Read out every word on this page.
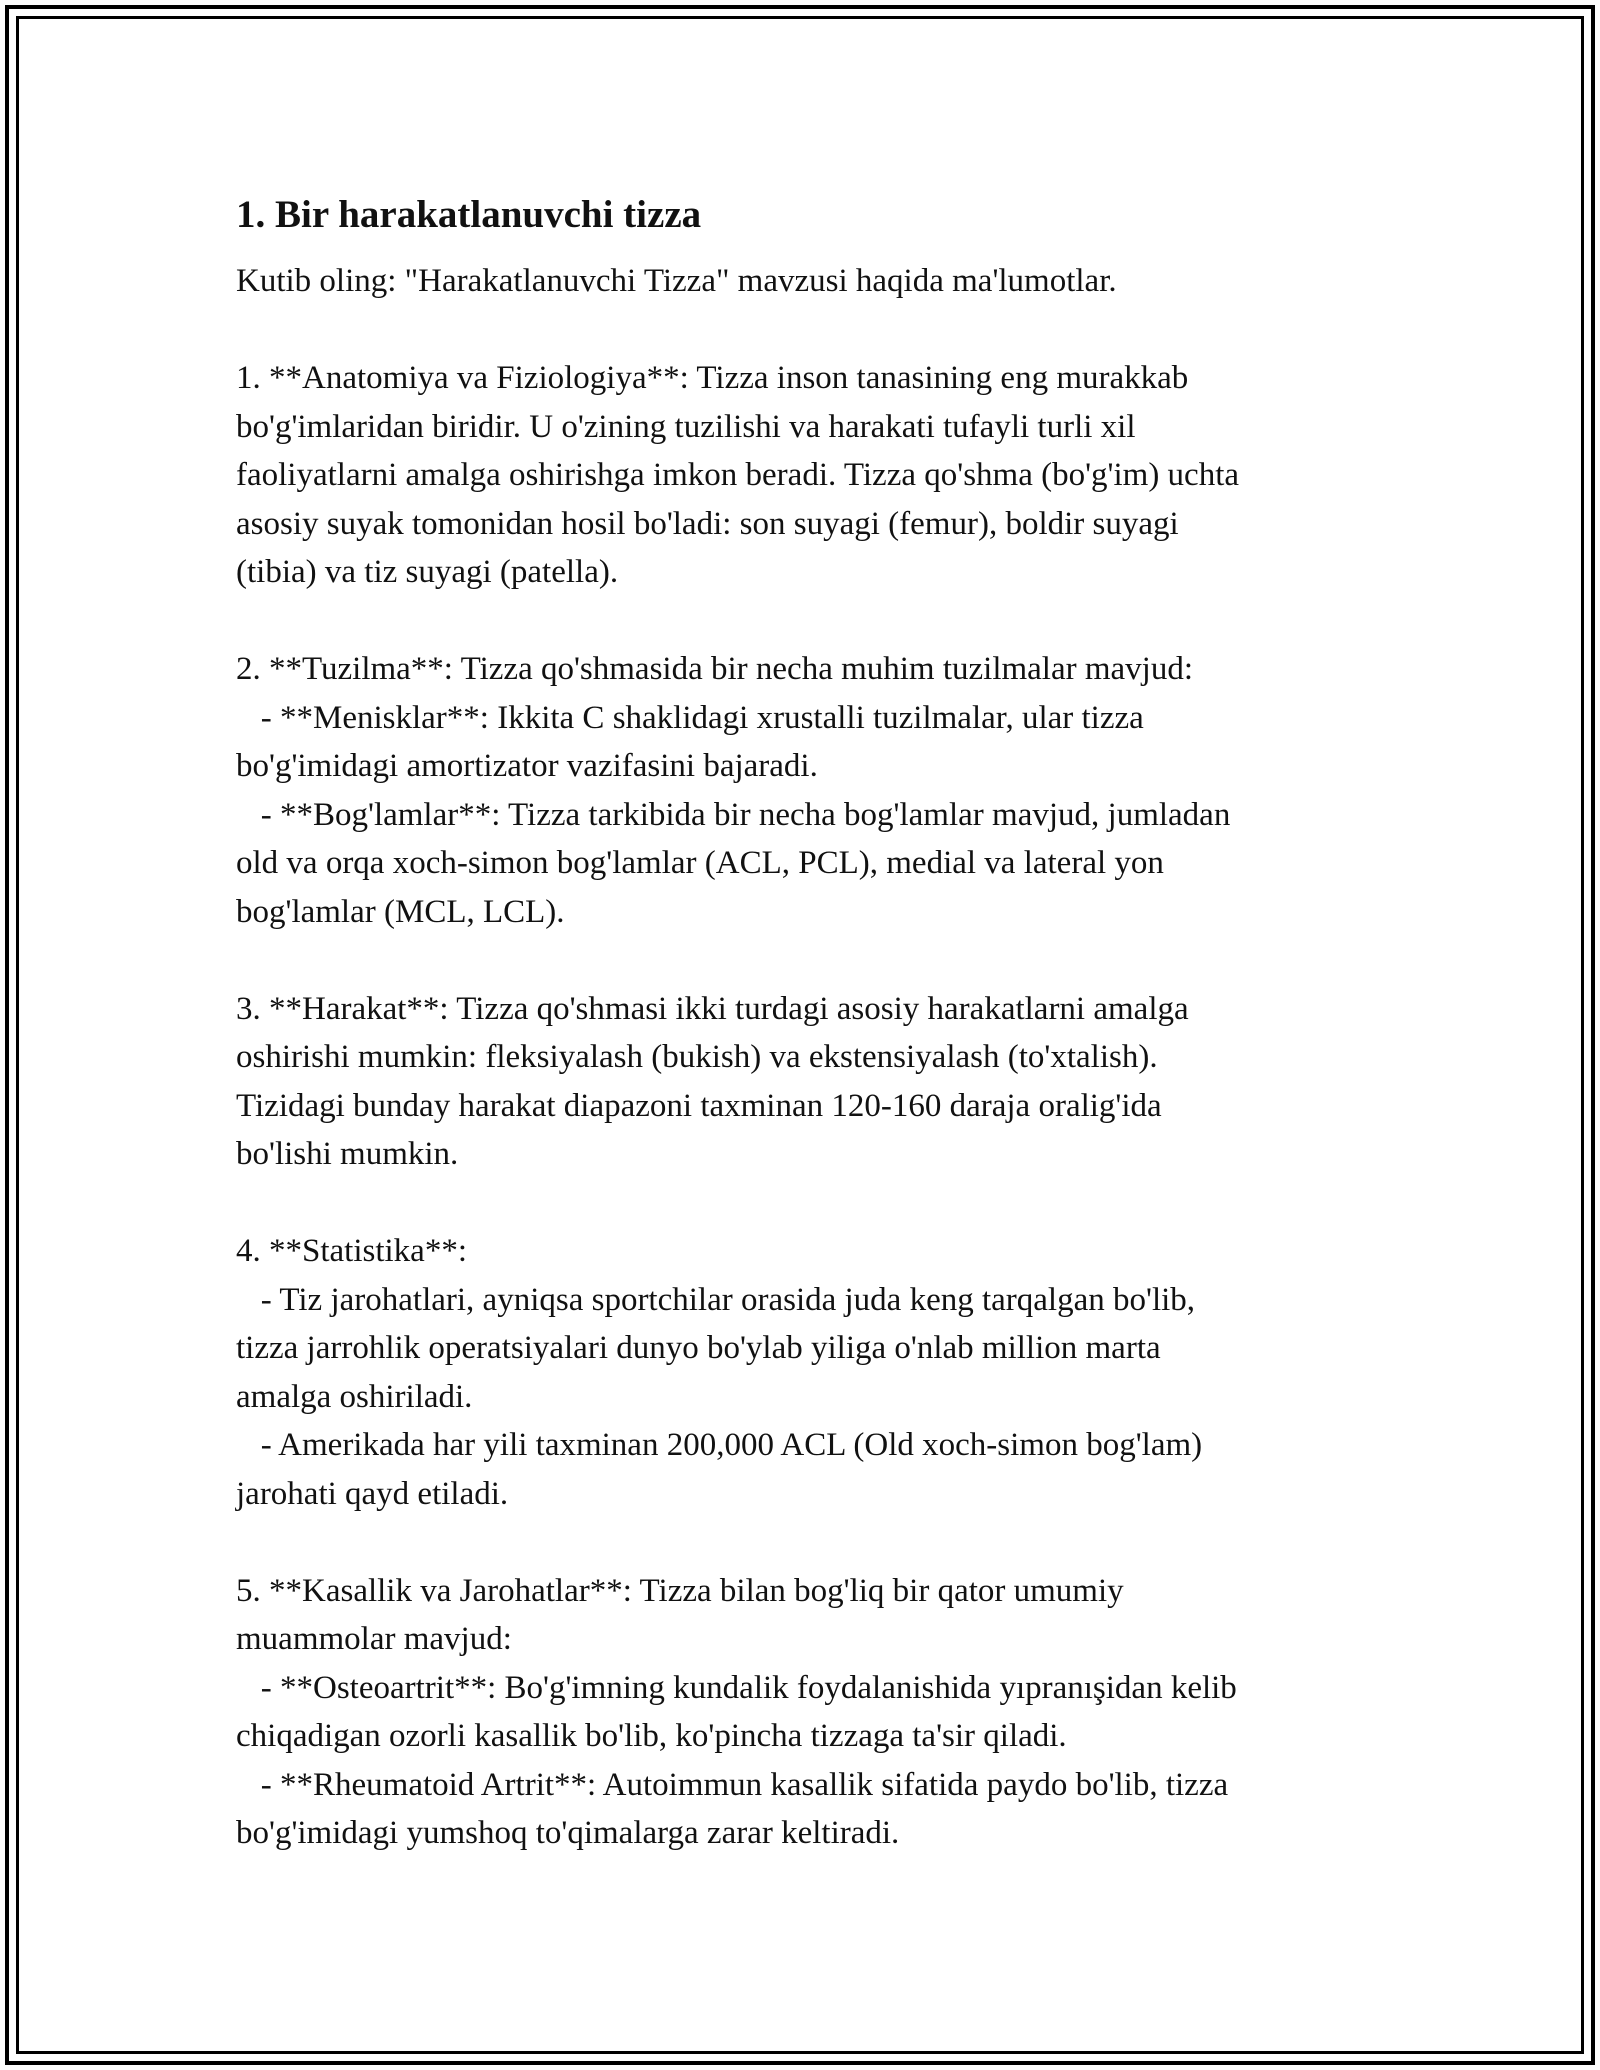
1. Bir harakatlanuvchi tizza

Kutib oling: "Harakatlanuvchi Tizza" mavzusi haqida ma'lumotlar.

1. **Anatomiya va Fiziologiya**: Tizza inson tanasining eng murakkab

bo'g'imlaridan biridir. U o'zining tuzilishi va harakati tufayli turli xil

faoliyatlarni amalga oshirishga imkon beradi. Tizza qo'shma (bo'g'im) uchta

asosiy suyak tomonidan hosil bo'ladi: son suyagi (femur), boldir suyagi

(tibia) va tiz suyagi (patella).

2. **Tuzilma**: Tizza qo'shmasida bir necha muhim tuzilmalar mavjud:

- **Menisklar**: Ikkita C shaklidagi xrustalli tuzilmalar, ular tizza

bo'g'imidagi amortizator vazifasini bajaradi.

- **Bog'lamlar**: Tizza tarkibida bir necha bog'lamlar mavjud, jumladan

old va orqa xoch-simon bog'lamlar (ACL, PCL), medial va lateral yon

bog'lamlar (MCL, LCL).

3. **Harakat**: Tizza qo'shmasi ikki turdagi asosiy harakatlarni amalga

oshirishi mumkin: fleksiyalash (bukish) va ekstensiyalash (to'xtalish).

Tizidagi bunday harakat diapazoni taxminan 120-160 daraja oralig'ida

bo'lishi mumkin.

4. **Statistika**:

- Tiz jarohatlari, ayniqsa sportchilar orasida juda keng tarqalgan bo'lib,

tizza jarrohlik operatsiyalari dunyo bo'ylab yiliga o'nlab million marta

amalga oshiriladi.

- Amerikada har yili taxminan 200,000 ACL (Old xoch-simon bog'lam)

jarohati qayd etiladi.

5. **Kasallik va Jarohatlar**: Tizza bilan bog'liq bir qator umumiy

muammolar mavjud:

- **Osteoartrit**: Bo'g'imning kundalik foydalanishida yıpranışidan kelib

chiqadigan ozorli kasallik bo'lib, ko'pincha tizzaga ta'sir qiladi.

- **Rheumatoid Artrit**: Autoimmun kasallik sifatida paydo bo'lib, tizza

bo'g'imidagi yumshoq to'qimalarga zarar keltiradi.
